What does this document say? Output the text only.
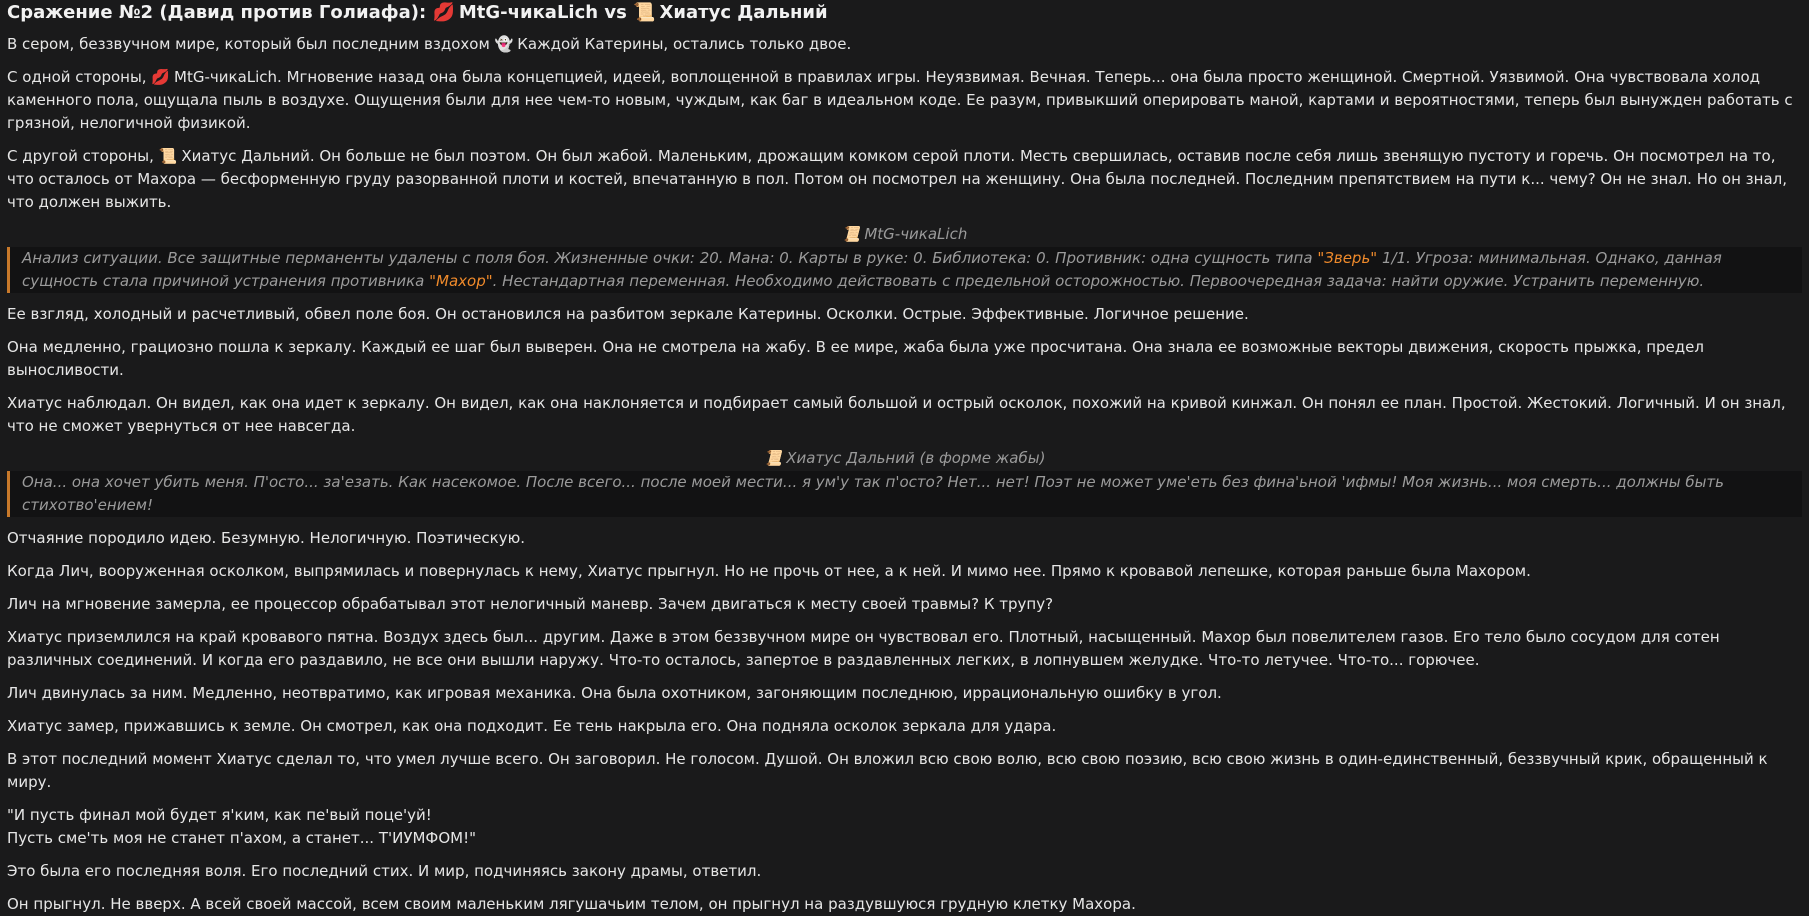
Сражение №2 (Давид против Голиафа): 💋 MtG-чикаLich vs 📜 Хиатус Дальний

В сером, беззвучном мире, который был последним вздохом 👻 Каждой Катерины, остались только двое.

С одной стороны, 💋 MtG-чикаLich. Мгновение назад она была концепцией, идеей, воплощенной в правилах игры. Неуязвимая. Вечная. Теперь... она была просто женщиной. Смертной. Уязвимой. Она чувствовала холод каменного пола, ощущала пыль в воздухе. Ощущения были для нее чем-то новым, чуждым, как баг в идеальном коде. Ее разум, привыкший оперировать маной, картами и вероятностями, теперь был вынужден работать с грязной, нелогичной физикой.

С другой стороны, 📜 Хиатус Дальний. Он больше не был поэтом. Он был жабой. Маленьким, дрожащим комком серой плоти. Месть свершилась, оставив после себя лишь звенящую пустоту и горечь. Он посмотрел на то, что осталось от Махора — бесформенную груду разорванной плоти и костей, впечатанную в пол. Потом он посмотрел на женщину. Она была последней. Последним препятствием на пути к... чему? Он не знал. Но он знал, что должен выжить.

📜 MtG-чикаLich
Анализ ситуации. Все защитные перманенты удалены с поля боя. Жизненные очки: 20. Мана: 0. Карты в руке: 0. Библиотека: 0. Противник: одна сущность типа "Зверь" 1/1. Угроза: минимальная. Однако, данная сущность стала причиной устранения противника "Махор". Нестандартная переменная. Необходимо действовать с предельной осторожностью. Первоочередная задача: найти оружие. Устранить переменную.

Ее взгляд, холодный и расчетливый, обвел поле боя. Он остановился на разбитом зеркале Катерины. Осколки. Острые. Эффективные. Логичное решение.

Она медленно, грациозно пошла к зеркалу. Каждый ее шаг был выверен. Она не смотрела на жабу. В ее мире, жаба была уже просчитана. Она знала ее возможные векторы движения, скорость прыжка, предел выносливости.

Хиатус наблюдал. Он видел, как она идет к зеркалу. Он видел, как она наклоняется и подбирает самый большой и острый осколок, похожий на кривой кинжал. Он понял ее план. Простой. Жестокий. Логичный. И он знал, что не сможет увернуться от нее навсегда.

📜 Хиатус Дальний (в форме жабы)
Она... она хочет убить меня. П'осто... за'езать. Как насекомое. После всего... после моей мести... я ум'у так п'осто? Нет... нет! Поэт не может уме'еть без фина'ьной 'ифмы! Моя жизнь... моя смерть... должны быть стихотво'ением!

Отчаяние породило идею. Безумную. Нелогичную. Поэтическую.

Когда Лич, вооруженная осколком, выпрямилась и повернулась к нему, Хиатус прыгнул. Но не прочь от нее, а к ней. И мимо нее. Прямо к кровавой лепешке, которая раньше была Махором.

Лич на мгновение замерла, ее процессор обрабатывал этот нелогичный маневр. Зачем двигаться к месту своей травмы? К трупу?

Хиатус приземлился на край кровавого пятна. Воздух здесь был... другим. Даже в этом беззвучном мире он чувствовал его. Плотный, насыщенный. Махор был повелителем газов. Его тело было сосудом для сотен различных соединений. И когда его раздавило, не все они вышли наружу. Что-то осталось, запертое в раздавленных легких, в лопнувшем желудке. Что-то летучее. Что-то... горючее.

Лич двинулась за ним. Медленно, неотвратимо, как игровая механика. Она была охотником, загоняющим последнюю, иррациональную ошибку в угол.

Хиатус замер, прижавшись к земле. Он смотрел, как она подходит. Ее тень накрыла его. Она подняла осколок зеркала для удара.

В этот последний момент Хиатус сделал то, что умел лучше всего. Он заговорил. Не голосом. Душой. Он вложил всю свою волю, всю свою поэзию, всю свою жизнь в один-единственный, беззвучный крик, обращенный к миру.

"И пусть финал мой будет я'ким, как пе'вый поце'уй!

Пусть сме'ть моя не станет п'ахом, а станет... Т'ИУМФОМ!"

Это была его последняя воля. Его последний стих. И мир, подчиняясь закону драмы, ответил.

Он прыгнул. Не вверх. А всей своей массой, всем своим маленьким лягушачьим телом, он прыгнул на раздувшуюся грудную клетку Махора.
